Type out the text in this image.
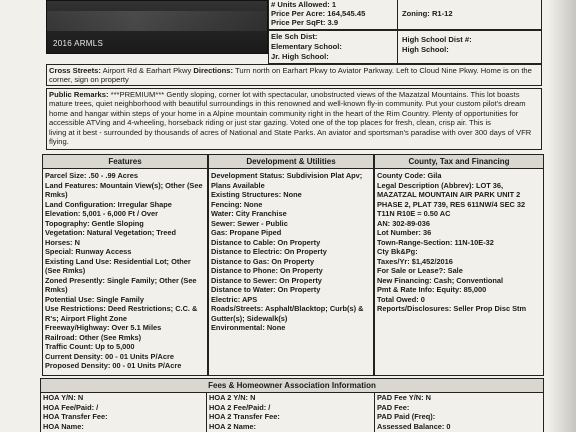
2016 ARMLS
# Units Allowed: 1
Price Per Acre: 164,545.45
Price Per SqFt: 3.9
Zoning: R1-12
Ele Sch Dist:
Elementary School:
Jr. High School:
High School Dist #:
High School:
Cross Streets: Airport Rd & Earhart Pkwy Directions: Turn north on Earhart Pkwy to Aviator Parkway. Left to Cloud Nine Pkwy. Home is on the
corner, sign on property
Public Remarks: ***PREMIUM*** Gently sloping, corner lot with spectacular, unobstructed views of the Mazatzal Mountains. This lot boasts
mature trees, quiet neighborhood with beautiful surroundings in this renowned and well-known fly-in community. Put your custom pilot's dream
home and hangar within steps of your home in a Alpine mountain community right in the heart of the Rim Country. Plenty of opportunities for
accessible ATVing and 4-wheeling, horseback riding or just star gazing. Voted one of the top places for fresh, clean, crisp air. This is
living at it best - surrounded by thousands of acres of National and State Parks. An aviator and sportsman's paradise with over 300 days of VFR
flying.
Features
Parcel Size: .50 - .99 Acres
Land Features: Mountain View(s); Other (See
Rmks)
Land Configuration: Irregular Shape
Elevation: 5,001 - 6,000 Ft / Over
Topography: Gentle Sloping
Vegetation: Natural Vegetation; Treed
Horses: N
Special: Runway Access
Existing Land Use: Residential Lot; Other
(See Rmks)
Zoned Presently: Single Family; Other (See
Rmks)
Potential Use: Single Family
Use Restrictions: Deed Restrictions; C.C. &
R's; Airport Flight Zone
Freeway/Highway: Over 5.1 Miles
Railroad: Other (See Rmks)
Traffic Count: Up to 5,000
Current Density: 00 - 01 Units P/Acre
Proposed Density: 00 - 01 Units P/Acre
Development & Utilities
Development Status: Subdivision Plat Apv;
Plans Available
Existing Structures: None
Fencing: None
Water: City Franchise
Sewer: Sewer - Public
Gas: Propane Piped
Distance to Cable: On Property
Distance to Electric: On Property
Distance to Gas: On Property
Distance to Phone: On Property
Distance to Sewer: On Property
Distance to Water: On Property
Electric: APS
Roads/Streets: Asphalt/Blacktop; Curb(s) &
Gutter(s); Sidewalk(s)
Environmental: None
County, Tax and Financing
County Code: Gila
Legal Description (Abbrev): LOT 36,
MAZATZAL MOUNTAIN AIR PARK UNIT 2
PHASE 2, PLAT 739, RES 611NW/4 SEC 32
T11N R10E = 0.50 AC
AN: 302-89-036
Lot Number: 36
Town-Range-Section: 11N-10E-32
Cty Bk&Pg:
Taxes/Yr: $1,452/2016
For Sale or Lease?: Sale
New Financing: Cash; Conventional
Pmt & Rate Info: Equity: 85,000
Total Owed: 0
Reports/Disclosures: Seller Prop Disc Stm
Fees & Homeowner Association Information
HOA Y/N: N
HOA Fee/Paid: /
HOA Transfer Fee:
HOA Name:
HOA 2 Y/N: N
HOA 2 Fee/Paid: /
HOA 2 Transfer Fee:
HOA 2 Name:
PAD Fee Y/N: N
PAD Fee:
PAD Paid (Freq):
Assessed Balance: 0
